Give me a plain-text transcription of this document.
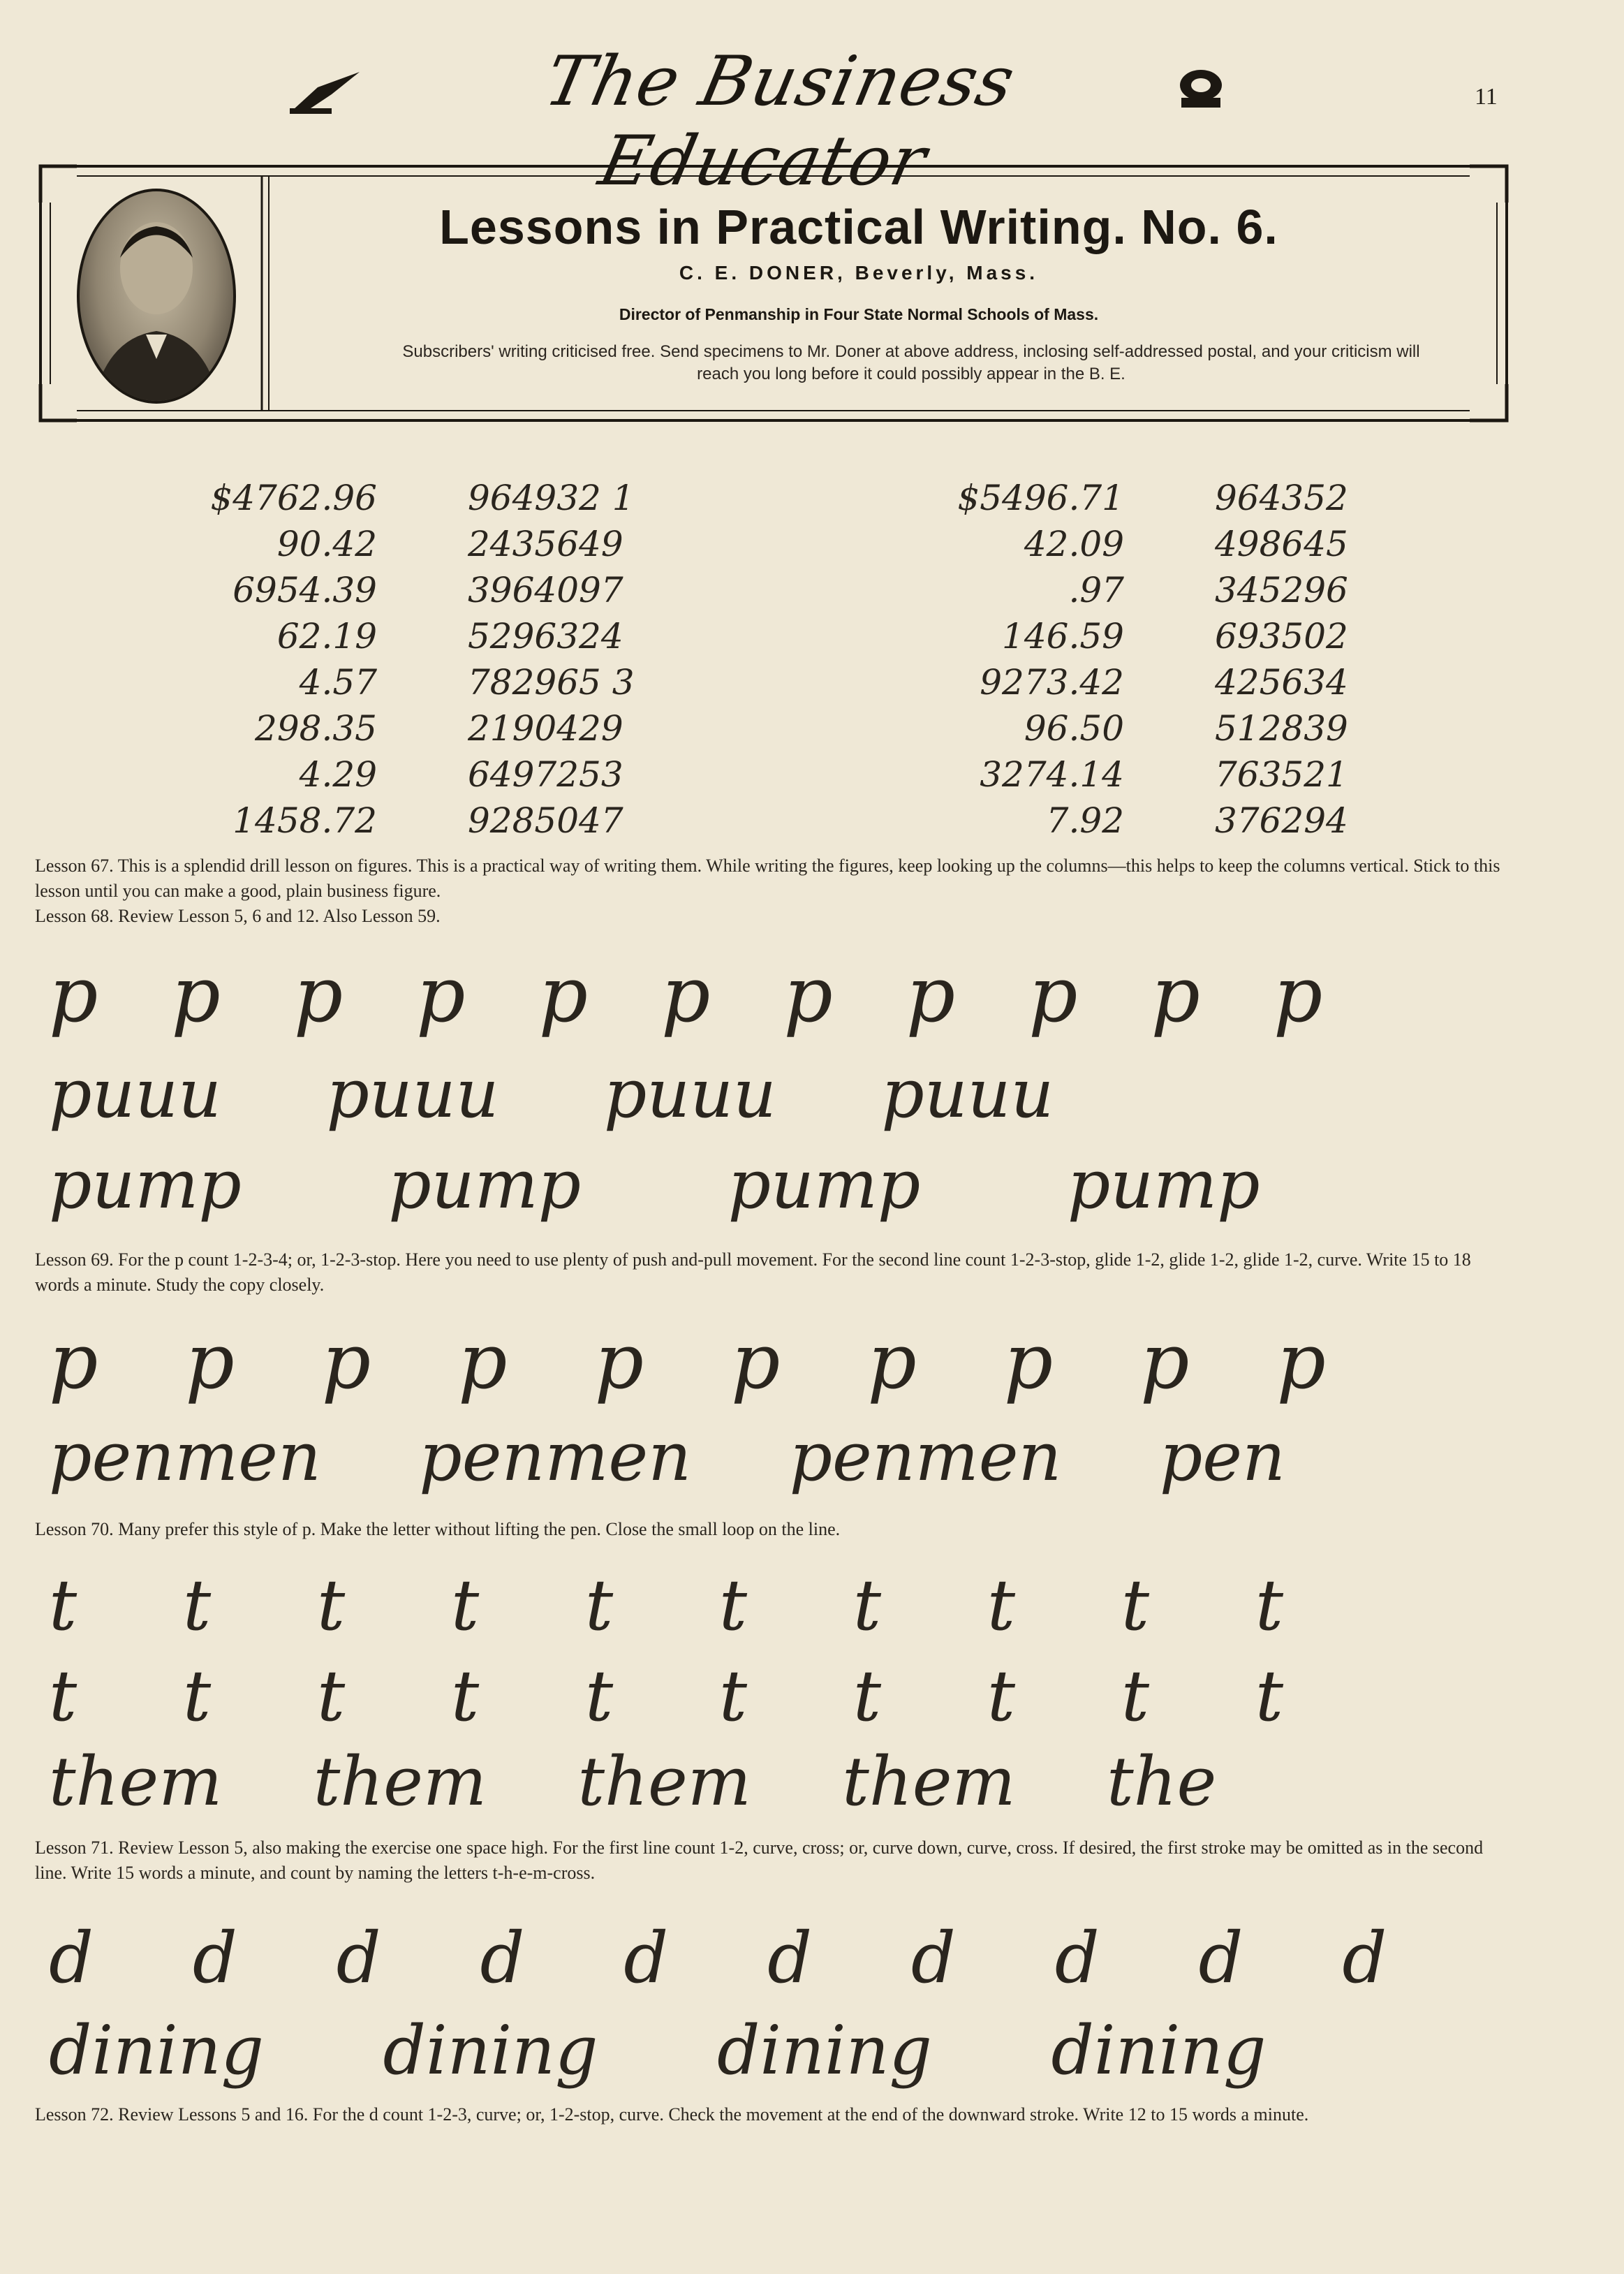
The Business Educator
11
Lessons in Practical Writing. No. 6.
C. E. DONER, Beverly, Mass.
Director of Penmanship in Four State Normal Schools of Mass.
Subscribers' writing criticised free. Send specimens to Mr. Doner at above address, inclosing self-addressed postal, and your criticism will reach you long before it could possibly appear in the B. E.
$4762.96
90.42
6954.39
62.19
4.57
298.35
4.29
1458.72
964932 1
2435649
3964097
5296324
782965 3
2190429
6497253
9285047
$5496.71
42.09
.97
146.59
9273.42
96.50
3274.14
7.92
964352
498645
345296
693502
425634
512839
763521
376294
Lesson 67. This is a splendid drill lesson on figures. This is a practical way of writing them. While writing the figures, keep looking up the columns—this helps to keep the columns vertical. Stick to this lesson until you can make a good, plain business figure.
Lesson 68. Review Lesson 5, 6 and 12. Also Lesson 59.
p p p p p p p p p p p
puuu puuu puuu puuu
pump pump pump pump
Lesson 69. For the p count 1-2-3-4; or, 1-2-3-stop. Here you need to use plenty of push and-pull movement. For the second line count 1-2-3-stop, glide 1-2, glide 1-2, glide 1-2, curve. Write 15 to 18 words a minute. Study the copy closely.
p p p p p p p p p p
penmen penmen penmen pen
Lesson 70. Many prefer this style of p. Make the letter without lifting the pen. Close the small loop on the line.
t t t t t t t t t t
t t t t t t t t t t
them them them them the
Lesson 71. Review Lesson 5, also making the exercise one space high. For the first line count 1-2, curve, cross; or, curve down, curve, cross. If desired, the first stroke may be omitted as in the second line. Write 15 words a minute, and count by naming the letters t-h-e-m-cross.
d d d d d d d d d d
dining dining dining dining
Lesson 72. Review Lessons 5 and 16. For the d count 1-2-3, curve; or, 1-2-stop, curve. Check the movement at the end of the downward stroke. Write 12 to 15 words a minute.
